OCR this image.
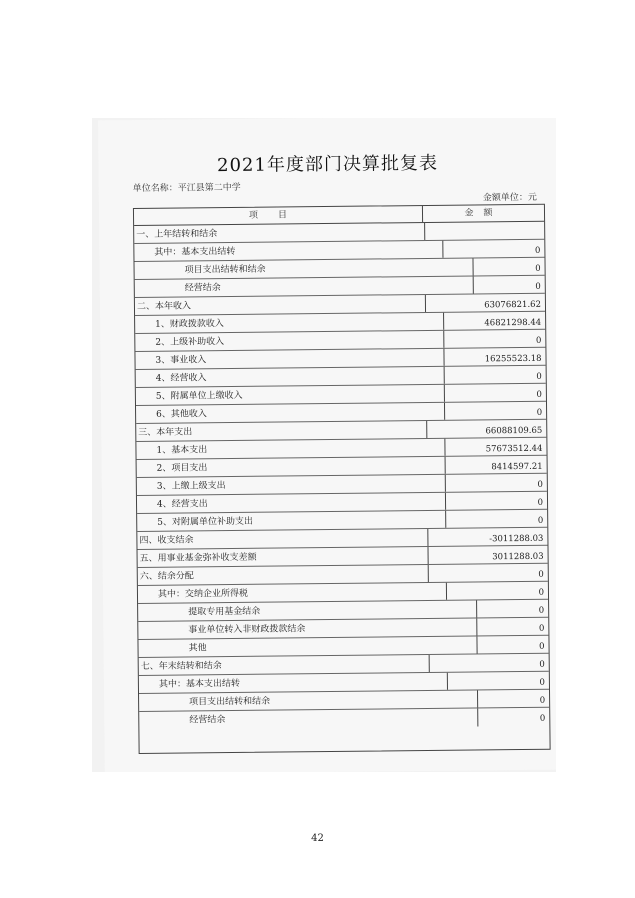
2021年度部门决算批复表
单位名称：平江县第二中学
金额单位：元
项目	金额
一、上年结转和结余
其中：基本支出结转	0
项目支出结转和结余	0
经营结余	0
二、本年收入	63076821.62
1、财政拨款收入	46821298.44
2、上级补助收入	0
3、事业收入	16255523.18
4、经营收入	0
5、附属单位上缴收入	0
6、其他收入	0
三、本年支出	66088109.65
1、基本支出	57673512.44
2、项目支出	8414597.21
3、上缴上级支出	0
4、经营支出	0
5、对附属单位补助支出	0
四、收支结余	-3011288.03
五、用事业基金弥补收支差额	3011288.03
六、结余分配	0
其中：交纳企业所得税	0
提取专用基金结余	0
事业单位转入非财政拨款结余	0
其他	0
七、年末结转和结余	0
其中：基本支出结转	0
项目支出结转和结余	0
经营结余	0
42
